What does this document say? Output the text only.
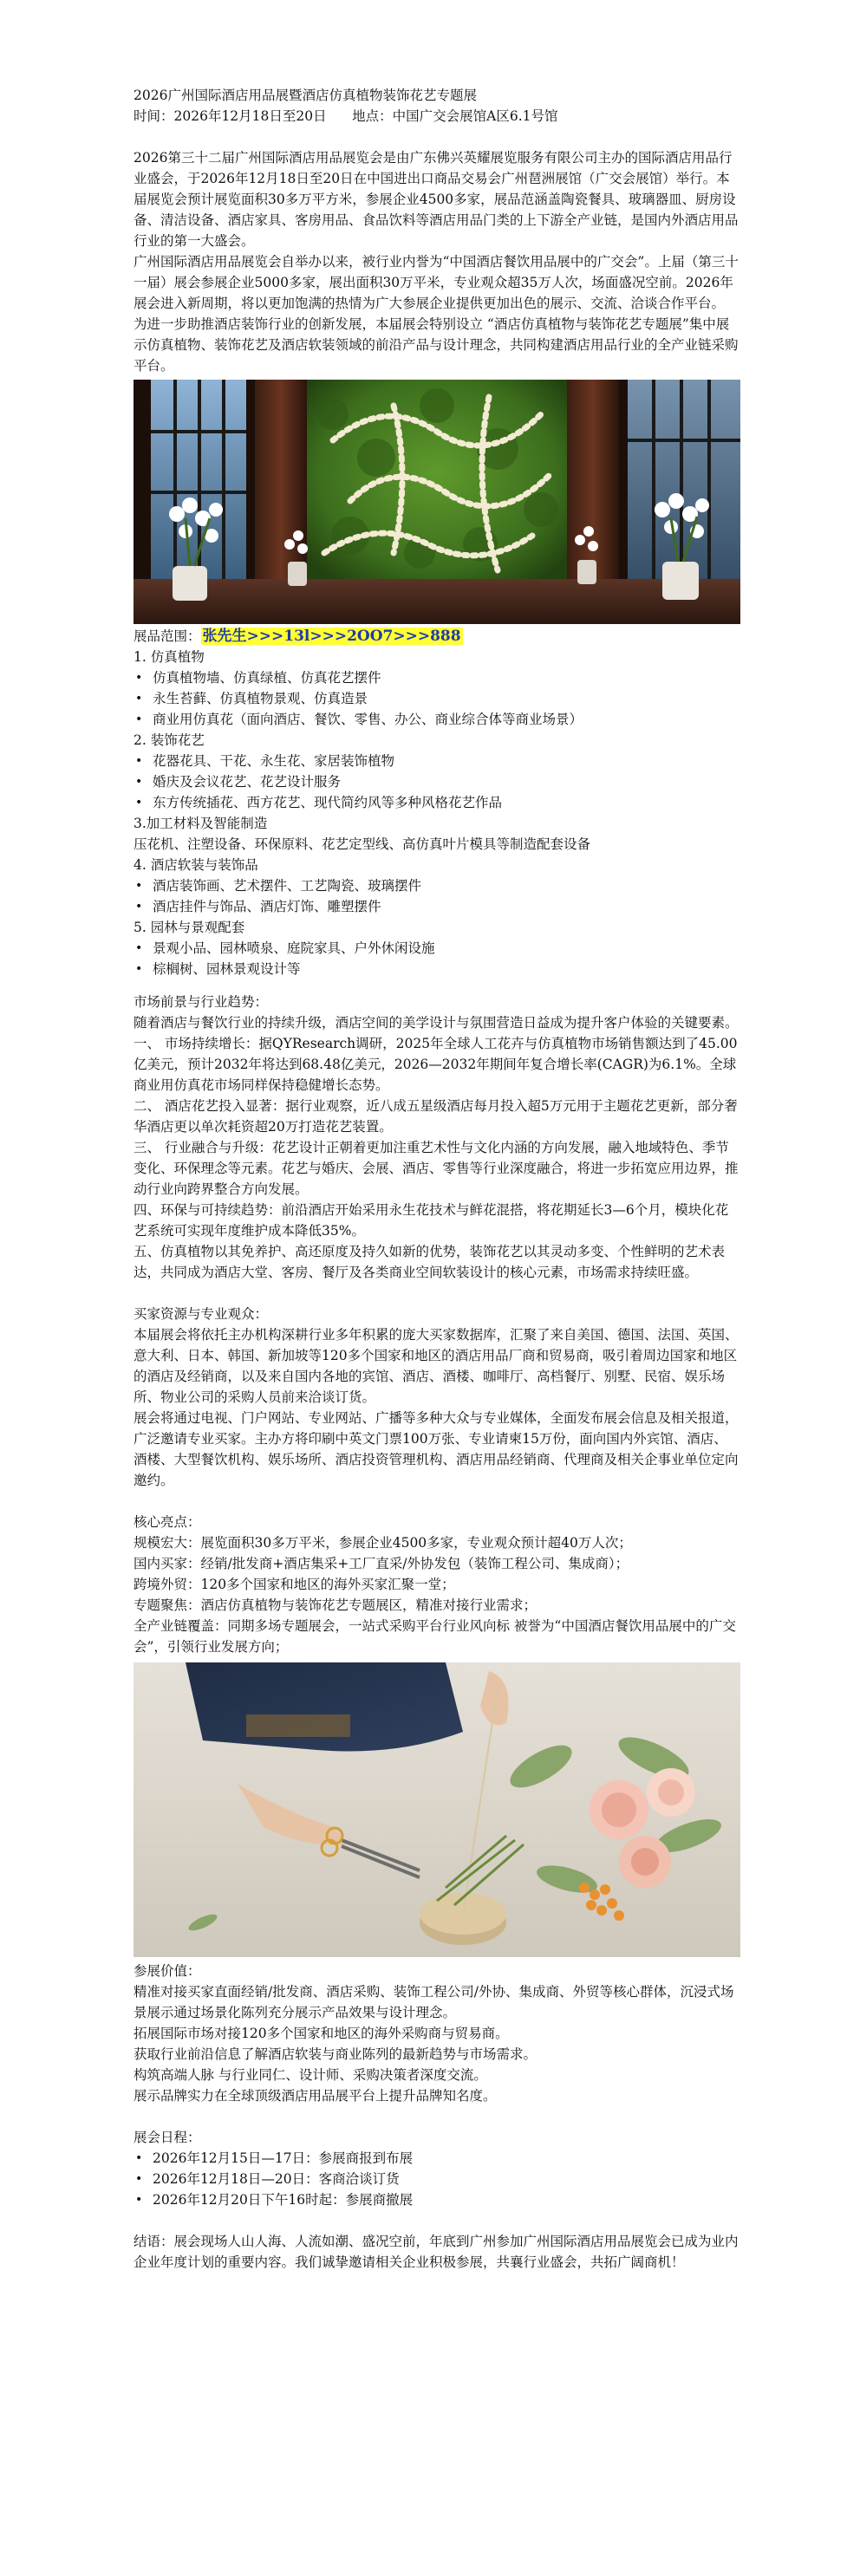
2026广州国际酒店用品展暨酒店仿真植物装饰花艺专题展

时间：2026年12月18日至20日      地点：中国广交会展馆A区6.1号馆

2026第三十二届广州国际酒店用品展览会是由广东佛兴英耀展览服务有限公司主办的国际酒店用品行业盛会，于2026年12月18日至20日在中国进出口商品交易会广州琶洲展馆（广交会展馆）举行。本届展览会预计展览面积30多万平方米，参展企业4500多家，展品范涵盖陶瓷餐具、玻璃器皿、厨房设备、清洁设备、酒店家具、客房用品、食品饮料等酒店用品门类的上下游全产业链，是国内外酒店用品行业的第一大盛会。

广州国际酒店用品展览会自举办以来，被行业内誉为“中国酒店餐饮用品展中的广交会”。上届（第三十一届）展会参展企业5000多家，展出面积30万平米，专业观众超35万人次，场面盛况空前。2026年展会进入新周期，将以更加饱满的热情为广大参展企业提供更加出色的展示、交流、洽谈合作平台。

为进一步助推酒店装饰行业的创新发展，本届展会特别设立 “酒店仿真植物与装饰花艺专题展”集中展示仿真植物、装饰花艺及酒店软装领域的前沿产品与设计理念，共同构建酒店用品行业的全产业链采购平台。

展品范围： 张先生>>>13l>>>2OO7>>>888

1. 仿真植物

• 仿真植物墙、仿真绿植、仿真花艺摆件
• 永生苔藓、仿真植物景观、仿真造景
• 商业用仿真花（面向酒店、餐饮、零售、办公、商业综合体等商业场景）

2. 装饰花艺

• 花器花具、干花、永生花、家居装饰植物
• 婚庆及会议花艺、花艺设计服务
• 东方传统插花、西方花艺、现代简约风等多种风格花艺作品

3.加工材料及智能制造

压花机、注塑设备、环保原料、花艺定型线、高仿真叶片模具等制造配套设备

4. 酒店软装与装饰品

• 酒店装饰画、艺术摆件、工艺陶瓷、玻璃摆件
• 酒店挂件与饰品、酒店灯饰、雕塑摆件

5. 园林与景观配套

• 景观小品、园林喷泉、庭院家具、户外休闲设施
• 棕榈树、园林景观设计等

市场前景与行业趋势：

随着酒店与餐饮行业的持续升级，酒店空间的美学设计与氛围营造日益成为提升客户体验的关键要素。

一、 市场持续增长：据QYResearch调研，2025年全球人工花卉与仿真植物市场销售额达到了45.00亿美元，预计2032年将达到68.48亿美元，2026—2032年期间年复合增长率(CAGR)为6.1%。全球商业用仿真花市场同样保持稳健增长态势。

二、 酒店花艺投入显著：据行业观察，近八成五星级酒店每月投入超5万元用于主题花艺更新，部分奢华酒店更以单次耗资超20万打造花艺装置。

三、 行业融合与升级：花艺设计正朝着更加注重艺术性与文化内涵的方向发展，融入地域特色、季节变化、环保理念等元素。花艺与婚庆、会展、酒店、零售等行业深度融合，将进一步拓宽应用边界，推动行业向跨界整合方向发展。

四、环保与可持续趋势：前沿酒店开始采用永生花技术与鲜花混搭，将花期延长3—6个月，模块化花艺系统可实现年度维护成本降低35%。

五、仿真植物以其免养护、高还原度及持久如新的优势，装饰花艺以其灵动多变、个性鲜明的艺术表达，共同成为酒店大堂、客房、餐厅及各类商业空间软装设计的核心元素，市场需求持续旺盛。

买家资源与专业观众：

本届展会将依托主办机构深耕行业多年积累的庞大买家数据库，汇聚了来自美国、德国、法国、英国、意大利、日本、韩国、新加坡等120多个国家和地区的酒店用品厂商和贸易商，吸引着周边国家和地区的酒店及经销商，以及来自国内各地的宾馆、酒店、酒楼、咖啡厅、高档餐厅、别墅、民宿、娱乐场所、物业公司的采购人员前来洽谈订货。

展会将通过电视、门户网站、专业网站、广播等多种大众与专业媒体，全面发布展会信息及相关报道，广泛邀请专业买家。主办方将印刷中英文门票100万张、专业请柬15万份，面向国内外宾馆、酒店、酒楼、大型餐饮机构、娱乐场所、酒店投资管理机构、酒店用品经销商、代理商及相关企事业单位定向邀约。

核心亮点：

规模宏大：展览面积30多万平米，参展企业4500多家，专业观众预计超40万人次；

国内买家：经销/批发商+酒店集采+工厂直采/外协发包（装饰工程公司、集成商）；

跨境外贸：120多个国家和地区的海外买家汇聚一堂；

专题聚焦：酒店仿真植物与装饰花艺专题展区，精准对接行业需求；

全产业链覆盖：同期多场专题展会，一站式采购平台行业风向标 被誉为“中国酒店餐饮用品展中的广交会”，引领行业发展方向；

参展价值：

精准对接买家直面经销/批发商、酒店采购、装饰工程公司/外协、集成商、外贸等核心群体，沉浸式场景展示通过场景化陈列充分展示产品效果与设计理念。

拓展国际市场对接120多个国家和地区的海外采购商与贸易商。

获取行业前沿信息了解酒店软装与商业陈列的最新趋势与市场需求。

构筑高端人脉 与行业同仁、设计师、采购决策者深度交流。

展示品牌实力在全球顶级酒店用品展平台上提升品牌知名度。

展会日程：

• 2026年12月15日—17日：参展商报到布展
• 2026年12月18日—20日：客商洽谈订货
• 2026年12月20日下午16时起：参展商撤展

结语：展会现场人山人海、人流如潮、盛况空前，年底到广州参加广州国际酒店用品展览会已成为业内企业年度计划的重要内容。我们诚挚邀请相关企业积极参展，共襄行业盛会，共拓广阔商机！
